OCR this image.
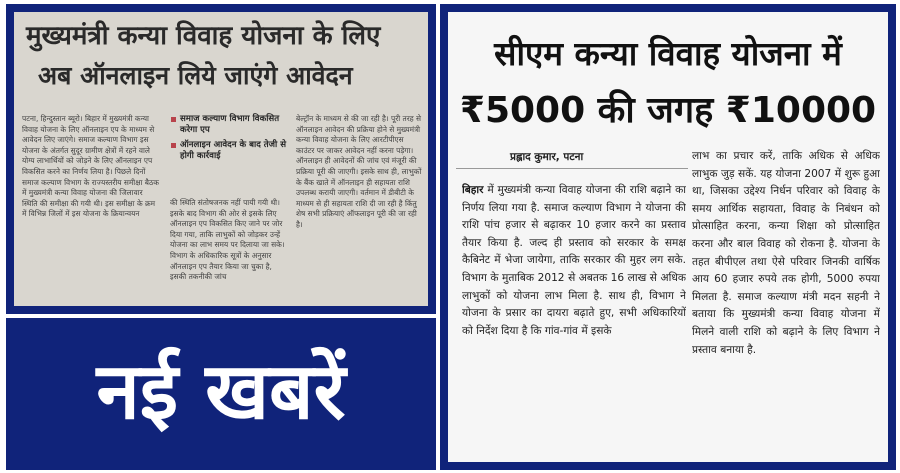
मुख्यमंत्री कन्या विवाह योजना के लिए
अब ऑनलाइन लिये जाएंगे आवेदन
पटना, हिन्दुस्तान ब्यूरो। बिहार में मुख्यमंत्री कन्या विवाह योजना के लिए ऑनलाइन एप के माध्यम से आवेदन लिए जाएंगे। समाज कल्याण विभाग इस योजना के अंतर्गत सुदूर ग्रामीण क्षेत्रों में रहने वाले योग्य लाभार्थियों को जोड़ने के लिए ऑनलाइन एप विकसित करने का निर्णय लिया है। पिछले दिनों समाज कल्याण विभाग के राज्यस्तरीय समीक्षा बैठक में मुख्यमंत्री कन्या विवाह योजना की जिलावार स्थिति की समीक्षा की गयी थी। इस समीक्षा के क्रम में विभिन्न जिलों में इस योजना के क्रियान्वयन
समाज कल्याण विभाग विकसित करेगा एप
ऑनलाइन आवेदन के बाद तेजी से होगी कार्रवाई
की स्थिति संतोषजनक नहीं पायी गयी थी। इसके बाद विभाग की ओर से इसके लिए ऑनलाइन एप विकसित किए जाने पर जोर दिया गया, ताकि लाभुकों को जोड़कर उन्हें योजना का लाभ समय पर दिलाया जा सके। विभाग के अधिकारिक सूत्रों के अनुसार ऑनलाइन एप तैयार किया जा चुका है, इसकी तकनीकी जांच
बेल्ट्रॉन के माध्यम से की जा रही है। पूरी तरह से ऑनलाइन आवेदन की प्रक्रिया होने से मुख्यमंत्री कन्या विवाह योजना के लिए आरटीपीएस काउंटर पर जाकर आवेदन नहीं करना पड़ेगा। ऑनलाइन ही आवेदनों की जांच एवं मंजूरी की प्रक्रिया पूरी की जाएगी। इसके साथ ही, लाभुकों के बैंक खाते में ऑनलाइन ही सहायता राशि उपलब्ध करायी जाएगी। वर्तमान में डीबीटी के माध्यम से ही सहायता राशि दी जा रही है किंतु शेष सभी प्रक्रियाएं ऑफलाइन पूरी की जा रही है।
नई खबरें
सीएम कन्या विवाह योजना में
₹5000 की जगह ₹10000
प्रह्लाद कुमार, पटना
बिहार में मुख्यमंत्री कन्या विवाह योजना की राशि बढ़ाने का निर्णय लिया गया है. समाज कल्याण विभाग ने योजना की राशि पांच हजार से बढ़ाकर 10 हजार करने का प्रस्ताव तैयार किया है. जल्द ही प्रस्ताव को सरकार के समक्ष कैबिनेट में भेजा जायेगा, ताकि सरकार की मुहर लग सके. विभाग के मुताबिक 2012 से अबतक 16 लाख से अधिक लाभुकों को योजना लाभ मिला है. साथ ही, विभाग ने योजना के प्रसार का दायरा बढ़ाते हुए, सभी अधिकारियों को निर्देश दिया है कि गांव-गांव में इसके
लाभ का प्रचार करें, ताकि अधिक से अधिक लाभुक जुड़ सकें. यह योजना 2007 में शुरू हुआ था, जिसका उद्देश्य निर्धन परिवार को विवाह के समय आर्थिक सहायता, विवाह के निबंधन को प्रोत्साहित करना, कन्या शिक्षा को प्रोत्साहित करना और बाल विवाह को रोकना है. योजना के तहत बीपीएल तथा ऐसे परिवार जिनकी वार्षिक आय 60 हजार रुपये तक होगी, 5000 रुपया मिलता है. समाज कल्याण मंत्री मदन सहनी ने बताया कि मुख्यमंत्री कन्या विवाह योजना में मिलने वाली राशि को बढ़ाने के लिए विभाग ने प्रस्ताव बनाया है.
